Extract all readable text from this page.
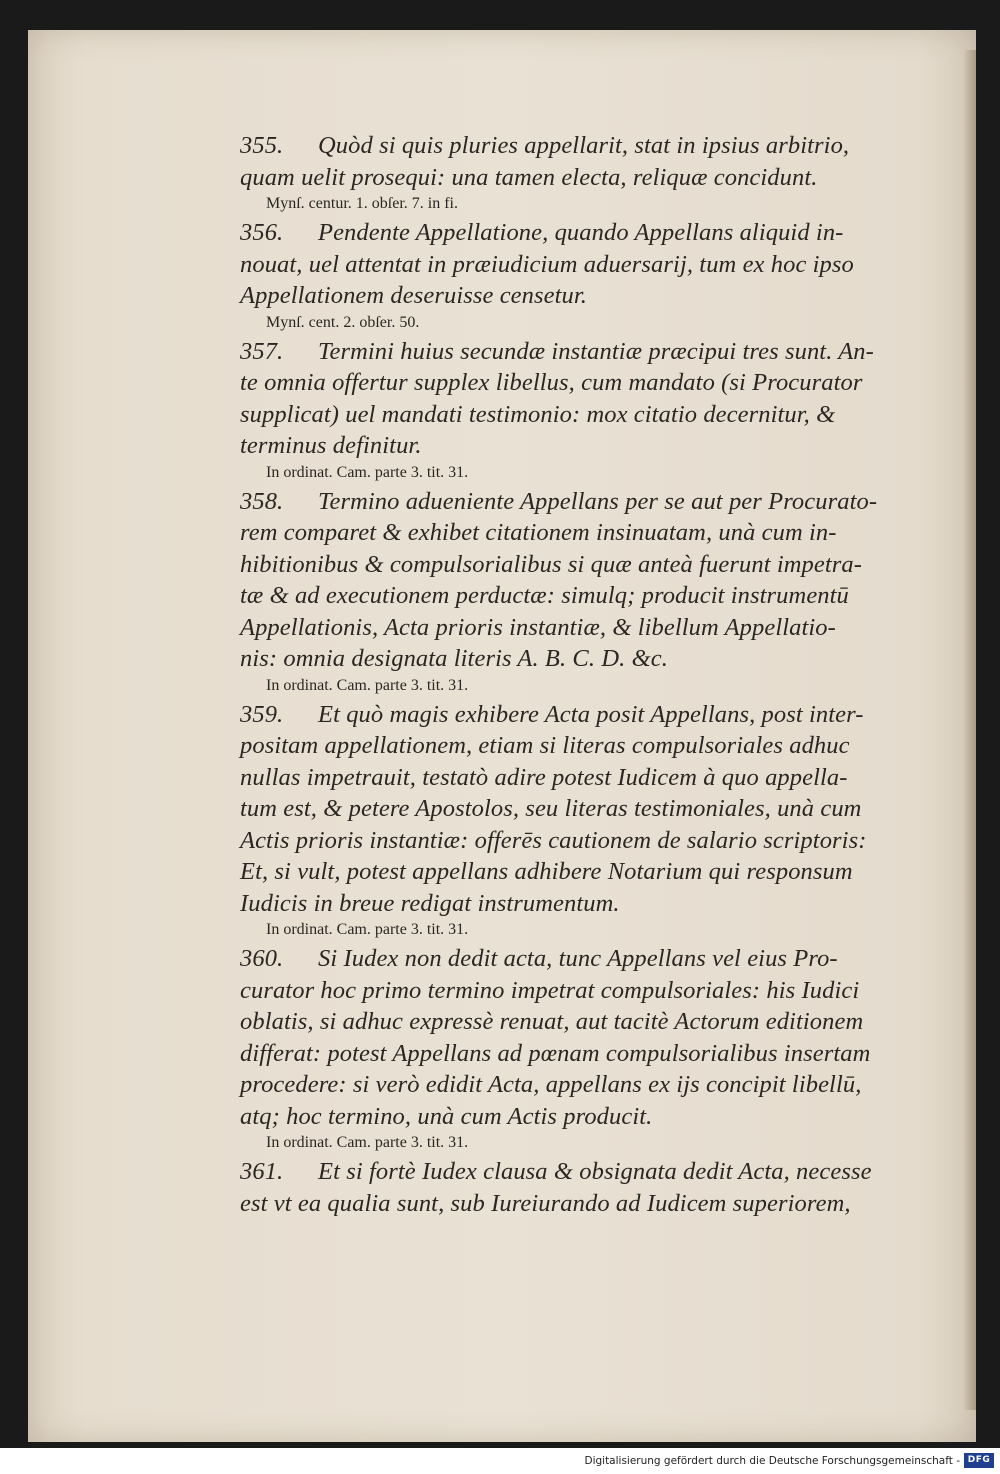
355. Quòd si quis pluries appellarit, stat in ipsius arbitrio,
quam uelit prosequi: una tamen electa, reliquæ concidunt.
Mynſ. centur. 1. obſer. 7. in fi.
356. Pendente Appellatione, quando Appellans aliquid in-
nouat, uel attentat in præiudicium aduersarij, tum ex hoc ipso
Appellationem deseruisse censetur.
Mynſ. cent. 2. obſer. 50.
357. Termini huius secundæ instantiæ præcipui tres sunt. An-
te omnia offertur supplex libellus, cum mandato (si Procurator
supplicat) uel mandati testimonio: mox citatio decernitur, &
terminus definitur.
In ordinat. Cam. parte 3. tit. 31.
358. Termino adueniente Appellans per se aut per Procurato-
rem comparet & exhibet citationem insinuatam, unà cum in-
hibitionibus & compulsorialibus si quæ anteà fuerunt impetra-
tæ & ad executionem perductæ: simulq; producit instrumentū
Appellationis, Acta prioris instantiæ, & libellum Appellatio-
nis: omnia designata literis A. B. C. D. &c.
In ordinat. Cam. parte 3. tit. 31.
359. Et quò magis exhibere Acta posit Appellans, post inter-
positam appellationem, etiam si literas compulsoriales adhuc
nullas impetrauit, testatò adire potest Iudicem à quo appella-
tum est, & petere Apostolos, seu literas testimoniales, unà cum
Actis prioris instantiæ: offerēs cautionem de salario scriptoris:
Et, si vult, potest appellans adhibere Notarium qui responsum
Iudicis in breue redigat instrumentum.
In ordinat. Cam. parte 3. tit. 31.
360. Si Iudex non dedit acta, tunc Appellans vel eius Pro-
curator hoc primo termino impetrat compulsoriales: his Iudici
oblatis, si adhuc expressè renuat, aut tacitè Actorum editionem
differat: potest Appellans ad pœnam compulsorialibus insertam
procedere: si verò edidit Acta, appellans ex ijs concipit libellū,
atq; hoc termino, unà cum Actis producit.
In ordinat. Cam. parte 3. tit. 31.
361. Et si fortè Iudex clausa & obsignata dedit Acta, necesse
est vt ea qualia sunt, sub Iureiurando ad Iudicem superiorem,
Digitalisierung gefördert durch die Deutsche Forschungsgemeinschaft - DFG
